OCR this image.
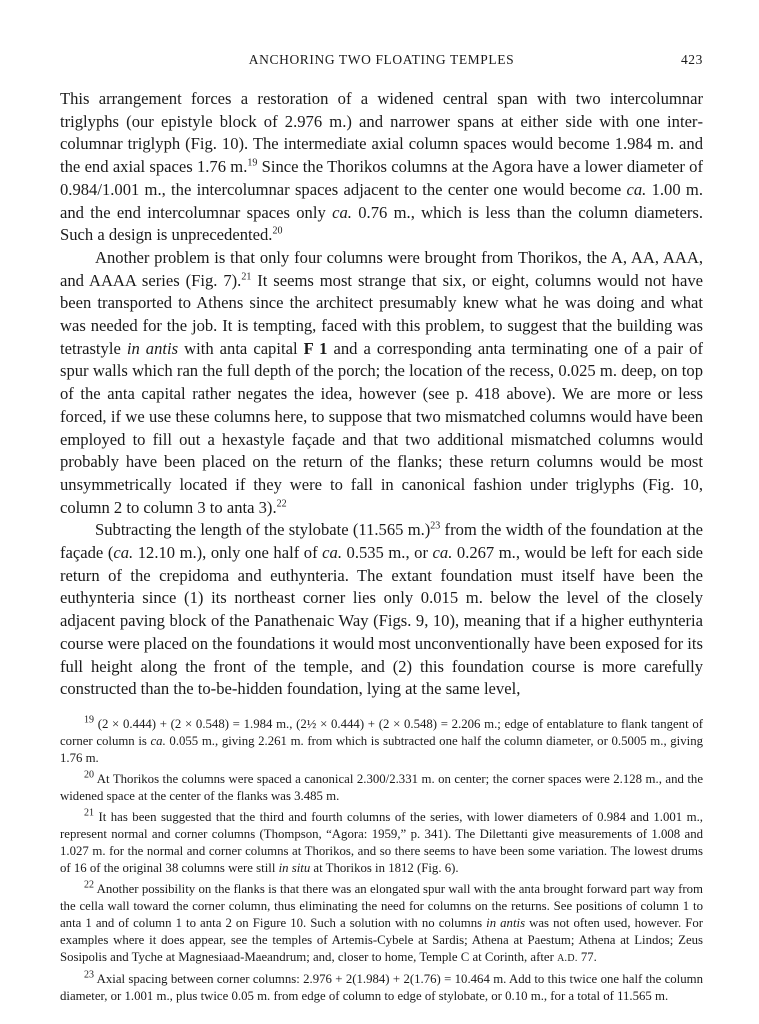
ANCHORING TWO FLOATING TEMPLES	423

This arrangement forces a restoration of a widened central span with two intercolumnar triglyphs (our epistyle block of 2.976 m.) and narrower spans at either side with one intercolumnar triglyph (Fig. 10). The intermediate axial column spaces would become 1.984 m. and the end axial spaces 1.76 m.$^{19}$ Since the Thorikos columns at the Agora have a lower diameter of 0.984/1.001 m., the intercolumnar spaces adjacent to the center one would become ca. 1.00 m. and the end intercolumnar spaces only ca. 0.76 m., which is less than the column diameters. Such a design is unprecedented.$^{20}$

Another problem is that only four columns were brought from Thorikos, the A, AA, AAA, and AAAA series (Fig. 7).$^{21}$ It seems most strange that six, or eight, columns would not have been transported to Athens since the architect presumably knew what he was doing and what was needed for the job. It is tempting, faced with this problem, to suggest that the building was tetrastyle in antis with anta capital F 1 and a corresponding anta terminating one of a pair of spur walls which ran the full depth of the porch; the location of the recess, 0.025 m. deep, on top of the anta capital rather negates the idea, however (see p. 418 above). We are more or less forced, if we use these columns here, to suppose that two mismatched columns would have been employed to fill out a hexastyle façade and that two additional mismatched columns would probably have been placed on the return of the flanks; these return columns would be most unsymmetrically located if they were to fall in canonical fashion under triglyphs (Fig. 10, column 2 to column 3 to anta 3).$^{22}$

Subtracting the length of the stylobate (11.565 m.)$^{23}$ from the width of the foundation at the façade (ca. 12.10 m.), only one half of ca. 0.535 m., or ca. 0.267 m., would be left for each side return of the crepidoma and euthynteria. The extant foundation must itself have been the euthynteria since (1) its northeast corner lies only 0.015 m. below the level of the closely adjacent paving block of the Panathenaic Way (Figs. 9, 10), meaning that if a higher euthynteria course were placed on the foundations it would most unconventionally have been exposed for its full height along the front of the temple, and (2) this foundation course is more carefully constructed than the to-be-hidden foundation, lying at the same level,

$^{19}$ (2 × 0.444) + (2 × 0.548) = 1.984 m., (2½ × 0.444) + (2 × 0.548) = 2.206 m.; edge of entablature to flank tangent of corner column is ca. 0.055 m., giving 2.261 m. from which is subtracted one half the column diameter, or 0.5005 m., giving 1.76 m.

$^{20}$ At Thorikos the columns were spaced a canonical 2.300/2.331 m. on center; the corner spaces were 2.128 m., and the widened space at the center of the flanks was 3.485 m.

$^{21}$ It has been suggested that the third and fourth columns of the series, with lower diameters of 0.984 and 1.001 m., represent normal and corner columns (Thompson, “Agora: 1959,” p. 341). The Dilettanti give measurements of 1.008 and 1.027 m. for the normal and corner columns at Thorikos, and so there seems to have been some variation. The lowest drums of 16 of the original 38 columns were still in situ at Thorikos in 1812 (Fig. 6).

$^{22}$ Another possibility on the flanks is that there was an elongated spur wall with the anta brought forward part way from the cella wall toward the corner column, thus eliminating the need for columns on the returns. See positions of column 1 to anta 1 and of column 1 to anta 2 on Figure 10. Such a solution with no columns in antis was not often used, however. For examples where it does appear, see the temples of Artemis-Cybele at Sardis; Athena at Paestum; Athena at Lindos; Zeus Sosipolis and Tyche at Magnesiaad-Maeandrum; and, closer to home, Temple C at Corinth, after A.D. 77.

$^{23}$ Axial spacing between corner columns: 2.976 + 2(1.984) + 2(1.76) = 10.464 m. Add to this twice one half the column diameter, or 1.001 m., plus twice 0.05 m. from edge of column to edge of stylobate, or 0.10 m., for a total of 11.565 m.
